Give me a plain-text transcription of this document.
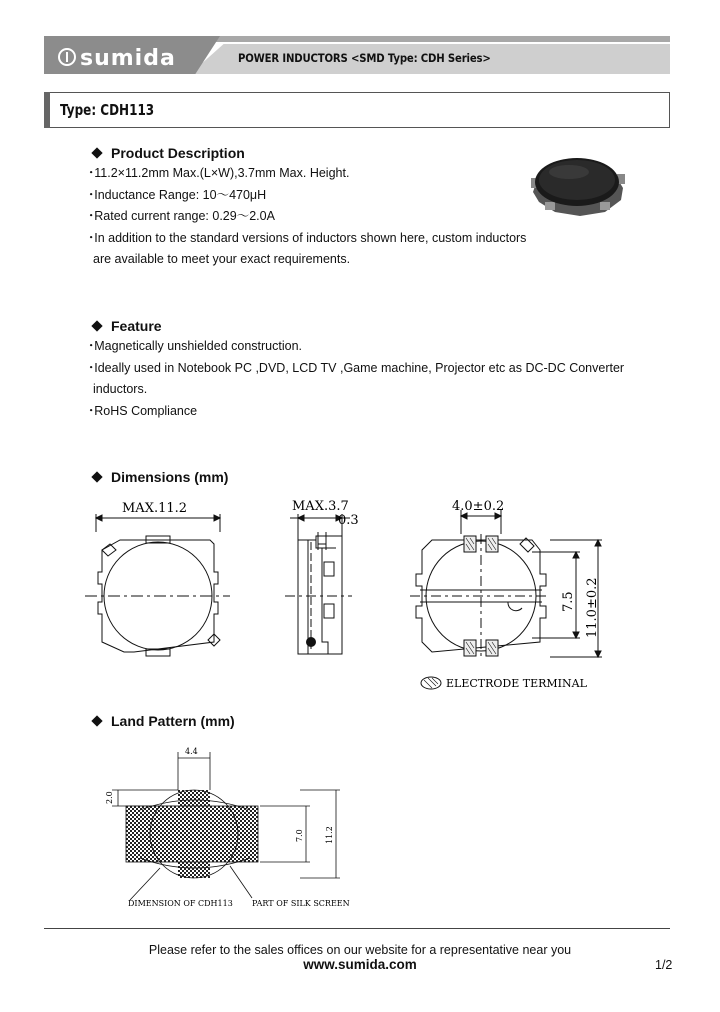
sumida	POWER INDUCTORS <SMD Type: CDH Series>
Type: CDH113
Product Description
･11.2×11.2mm Max.(L×W),3.7mm Max. Height.
･Inductance Range: 10～470μH
･Rated current range: 0.29～2.0A
･In addition to the standard versions of inductors shown here, custom inductors
are available to meet your exact requirements.
Feature
･Magnetically unshielded construction.
･Ideally used in Notebook PC ,DVD, LCD TV ,Game machine, Projector etc as DC-DC Converter
inductors.
･RoHS Compliance
Dimensions (mm)
MAX.11.2	MAX.3.7
0.3
4.0±0.2
7.5 11.0±0.2
ELECTRODE TERMINAL
Land Pattern (mm)
4.4
2.0
7.0	11.2
DIMENSION OF CDH113 PART OF SILK SCREEN
Please refer to the sales offices on our website for a representative near you
www.sumida.com	1/2
